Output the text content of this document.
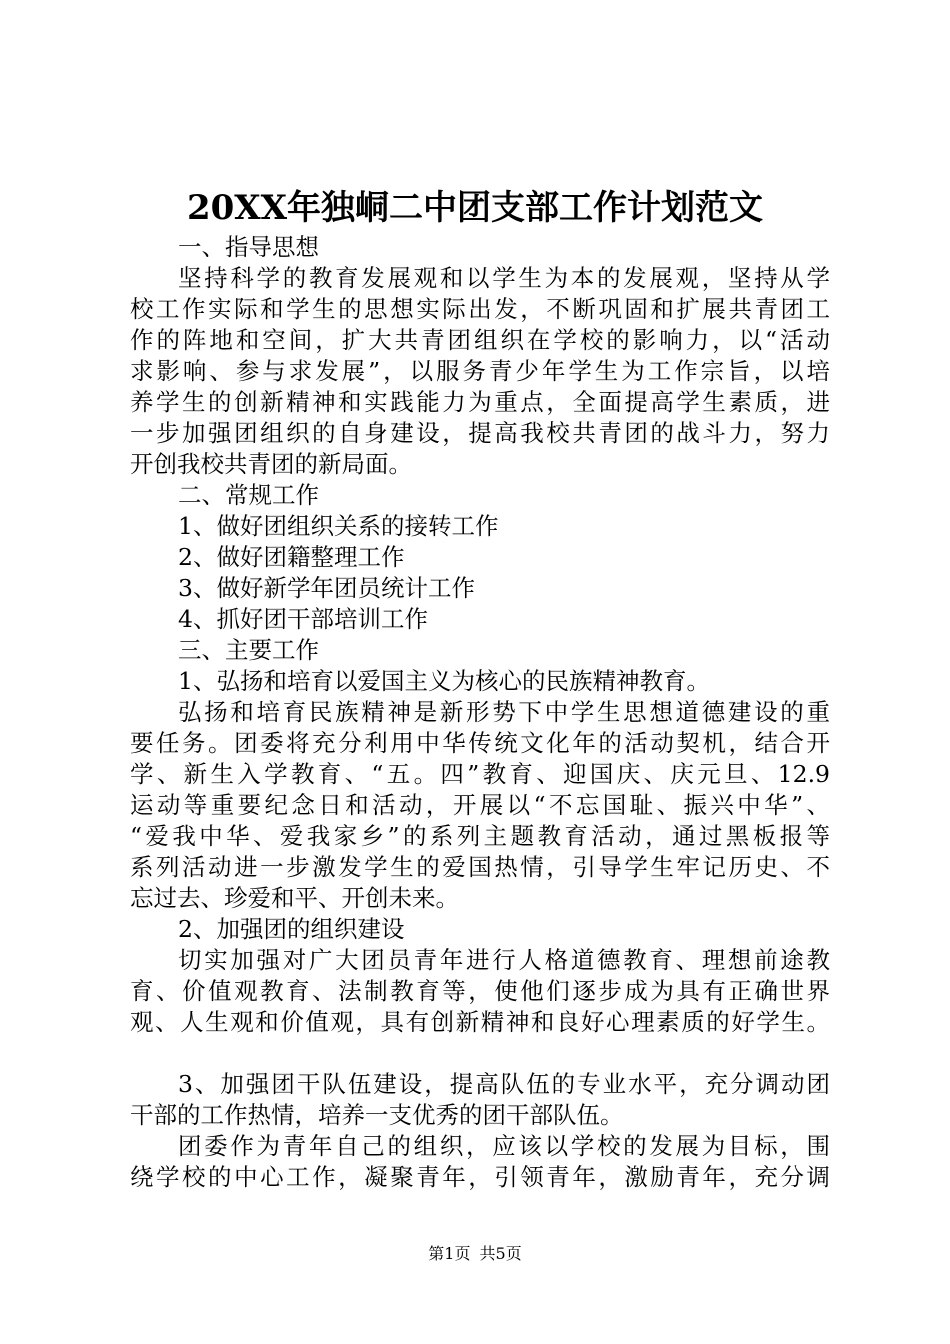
20XX年独峒二中团支部工作计划范文
一、指导思想
坚持科学的教育发展观和以学生为本的发展观，坚持从学
校工作实际和学生的思想实际出发，不断巩固和扩展共青团工
作的阵地和空间，扩大共青团组织在学校的影响力，以“活动
求影响、参与求发展”，以服务青少年学生为工作宗旨，以培
养学生的创新精神和实践能力为重点，全面提高学生素质，进
一步加强团组织的自身建设，提高我校共青团的战斗力，努力
开创我校共青团的新局面。
二、常规工作
1、做好团组织关系的接转工作
2、做好团籍整理工作
3、做好新学年团员统计工作
4、抓好团干部培训工作
三、主要工作
1、弘扬和培育以爱国主义为核心的民族精神教育。
弘扬和培育民族精神是新形势下中学生思想道德建设的重
要任务。团委将充分利用中华传统文化年的活动契机，结合开
学、新生入学教育、“五。四”教育、迎国庆、庆元旦、12.9
运动等重要纪念日和活动，开展以“不忘国耻、振兴中华”、
“爱我中华、爱我家乡”的系列主题教育活动，通过黑板报等
系列活动进一步激发学生的爱国热情，引导学生牢记历史、不
忘过去、珍爱和平、开创未来。
2、加强团的组织建设
切实加强对广大团员青年进行人格道德教育、理想前途教
育、价值观教育、法制教育等，使他们逐步成为具有正确世界
观、人生观和价值观，具有创新精神和良好心理素质的好学生。
3、加强团干队伍建设，提高队伍的专业水平，充分调动团
干部的工作热情，培养一支优秀的团干部队伍。
团委作为青年自己的组织，应该以学校的发展为目标，围
绕学校的中心工作，凝聚青年，引领青年，激励青年，充分调
第1页 共5页
